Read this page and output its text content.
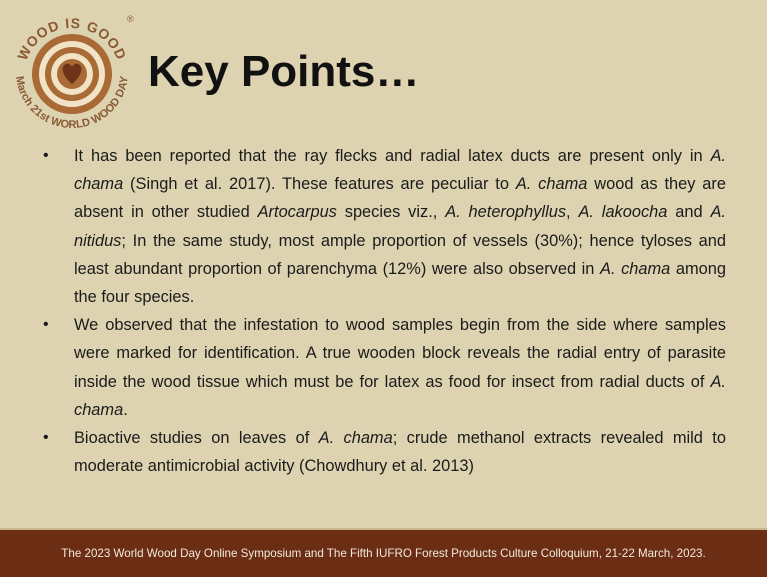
WOOD IS GOOD
March 21st WORLD WOOD DAY
®
Key Points…
• It has been reported that the ray flecks and radial latex ducts are present only in A. chama (Singh et al. 2017). These features are peculiar to A. chama wood as they are absent in other studied Artocarpus species viz., A. heterophyllus, A. lakoocha and A. nitidus; In the same study, most ample proportion of vessels (30%); hence tyloses and least abundant proportion of parenchyma (12%) were also observed in A. chama among the four species.
• We observed that the infestation to wood samples begin from the side where samples were marked for identification. A true wooden block reveals the radial entry of parasite inside the wood tissue which must be for latex as food for insect from radial ducts of A. chama.
• Bioactive studies on leaves of A. chama; crude methanol extracts revealed mild to moderate antimicrobial activity (Chowdhury et al. 2013)
The 2023 World Wood Day Online Symposium and The Fifth IUFRO Forest Products Culture Colloquium, 21-22 March, 2023.
